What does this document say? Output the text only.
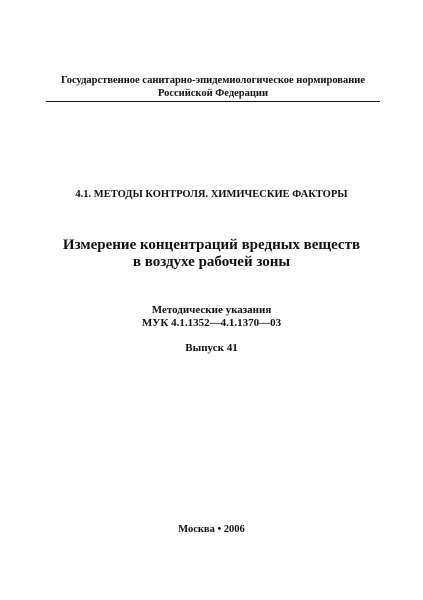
Государственное санитарно-эпидемиологическое нормирование
Российской Федерации
4.1. МЕТОДЫ КОНТРОЛЯ. ХИМИЧЕСКИЕ ФАКТОРЫ
Измерение концентраций вредных веществ
в воздухе рабочей зоны
Методические указания
МУК 4.1.1352—4.1.1370—03
Выпуск 41
Москва • 2006
